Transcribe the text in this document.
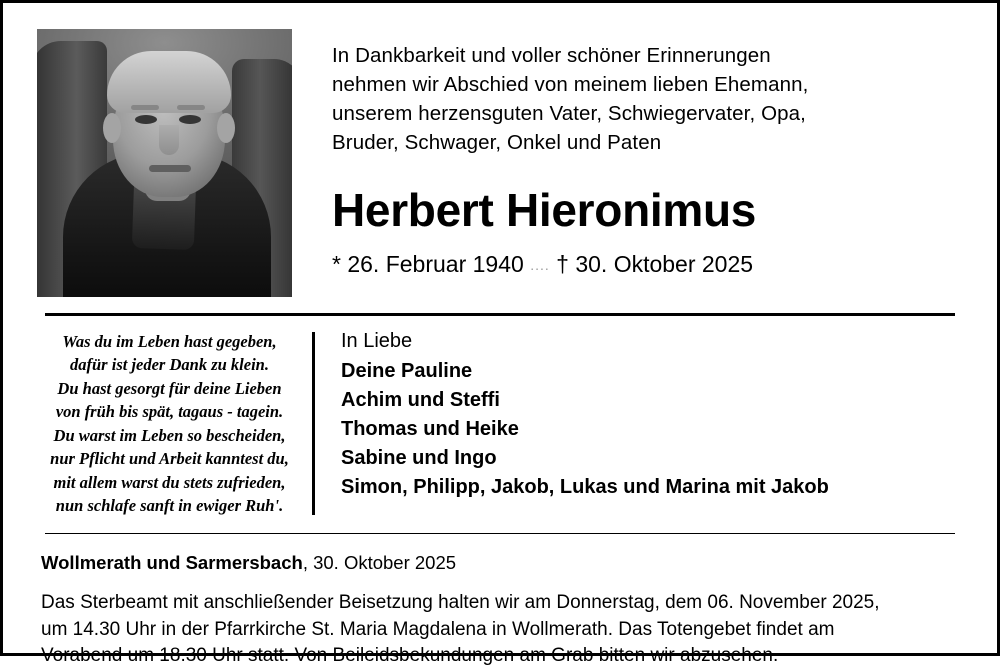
In Dankbarkeit und voller schöner Erinnerungen
nehmen wir Abschied von meinem lieben Ehemann,
unserem herzensguten Vater, Schwiegervater, Opa,
Bruder, Schwager, Onkel und Paten
Herbert Hieronimus
* 26. Februar 1940 .... † 30. Oktober 2025
Was du im Leben hast gegeben,
dafür ist jeder Dank zu klein.
Du hast gesorgt für deine Lieben
von früh bis spät, tagaus - tagein.
Du warst im Leben so bescheiden,
nur Pflicht und Arbeit kanntest du,
mit allem warst du stets zufrieden,
nun schlafe sanft in ewiger Ruh'.
In Liebe
Deine Pauline
Achim und Steffi
Thomas und Heike
Sabine und Ingo
Simon, Philipp, Jakob, Lukas und Marina mit Jakob
Wollmerath und Sarmersbach, 30. Oktober 2025
Das Sterbeamt mit anschließender Beisetzung halten wir am Donnerstag, dem 06. November 2025,
um 14.30 Uhr in der Pfarrkirche St. Maria Magdalena in Wollmerath. Das Totengebet findet am
Vorabend um 18.30 Uhr statt. Von Beileidsbekundungen am Grab bitten wir abzusehen.
